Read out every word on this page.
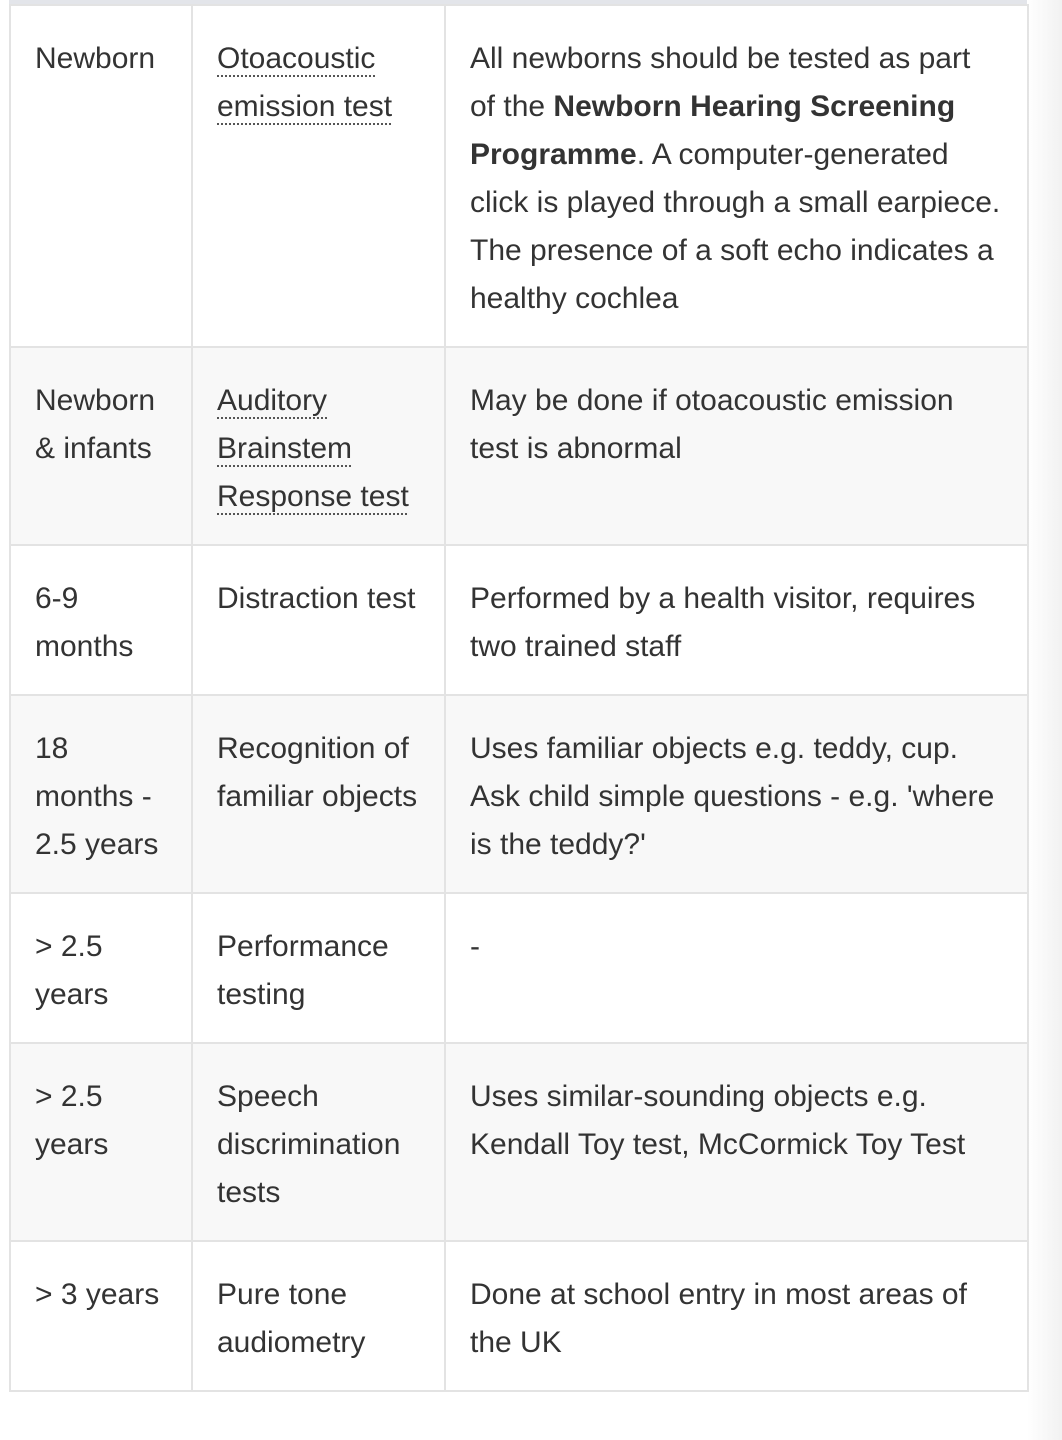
Newborn	Otoacoustic emission test	All newborns should be tested as part of the Newborn Hearing Screening Programme. A computer-generated click is played through a small earpiece. The presence of a soft echo indicates a healthy cochlea
Newborn & infants	Auditory Brainstem Response test	May be done if otoacoustic emission test is abnormal
6-9 months	Distraction test	Performed by a health visitor, requires two trained staff
18 months - 2.5 years	Recognition of familiar objects	Uses familiar objects e.g. teddy, cup. Ask child simple questions - e.g. 'where is the teddy?'
> 2.5 years	Performance testing	-
> 2.5 years	Speech discrimination tests	Uses similar-sounding objects e.g. Kendall Toy test, McCormick Toy Test
> 3 years	Pure tone audiometry	Done at school entry in most areas of the UK
